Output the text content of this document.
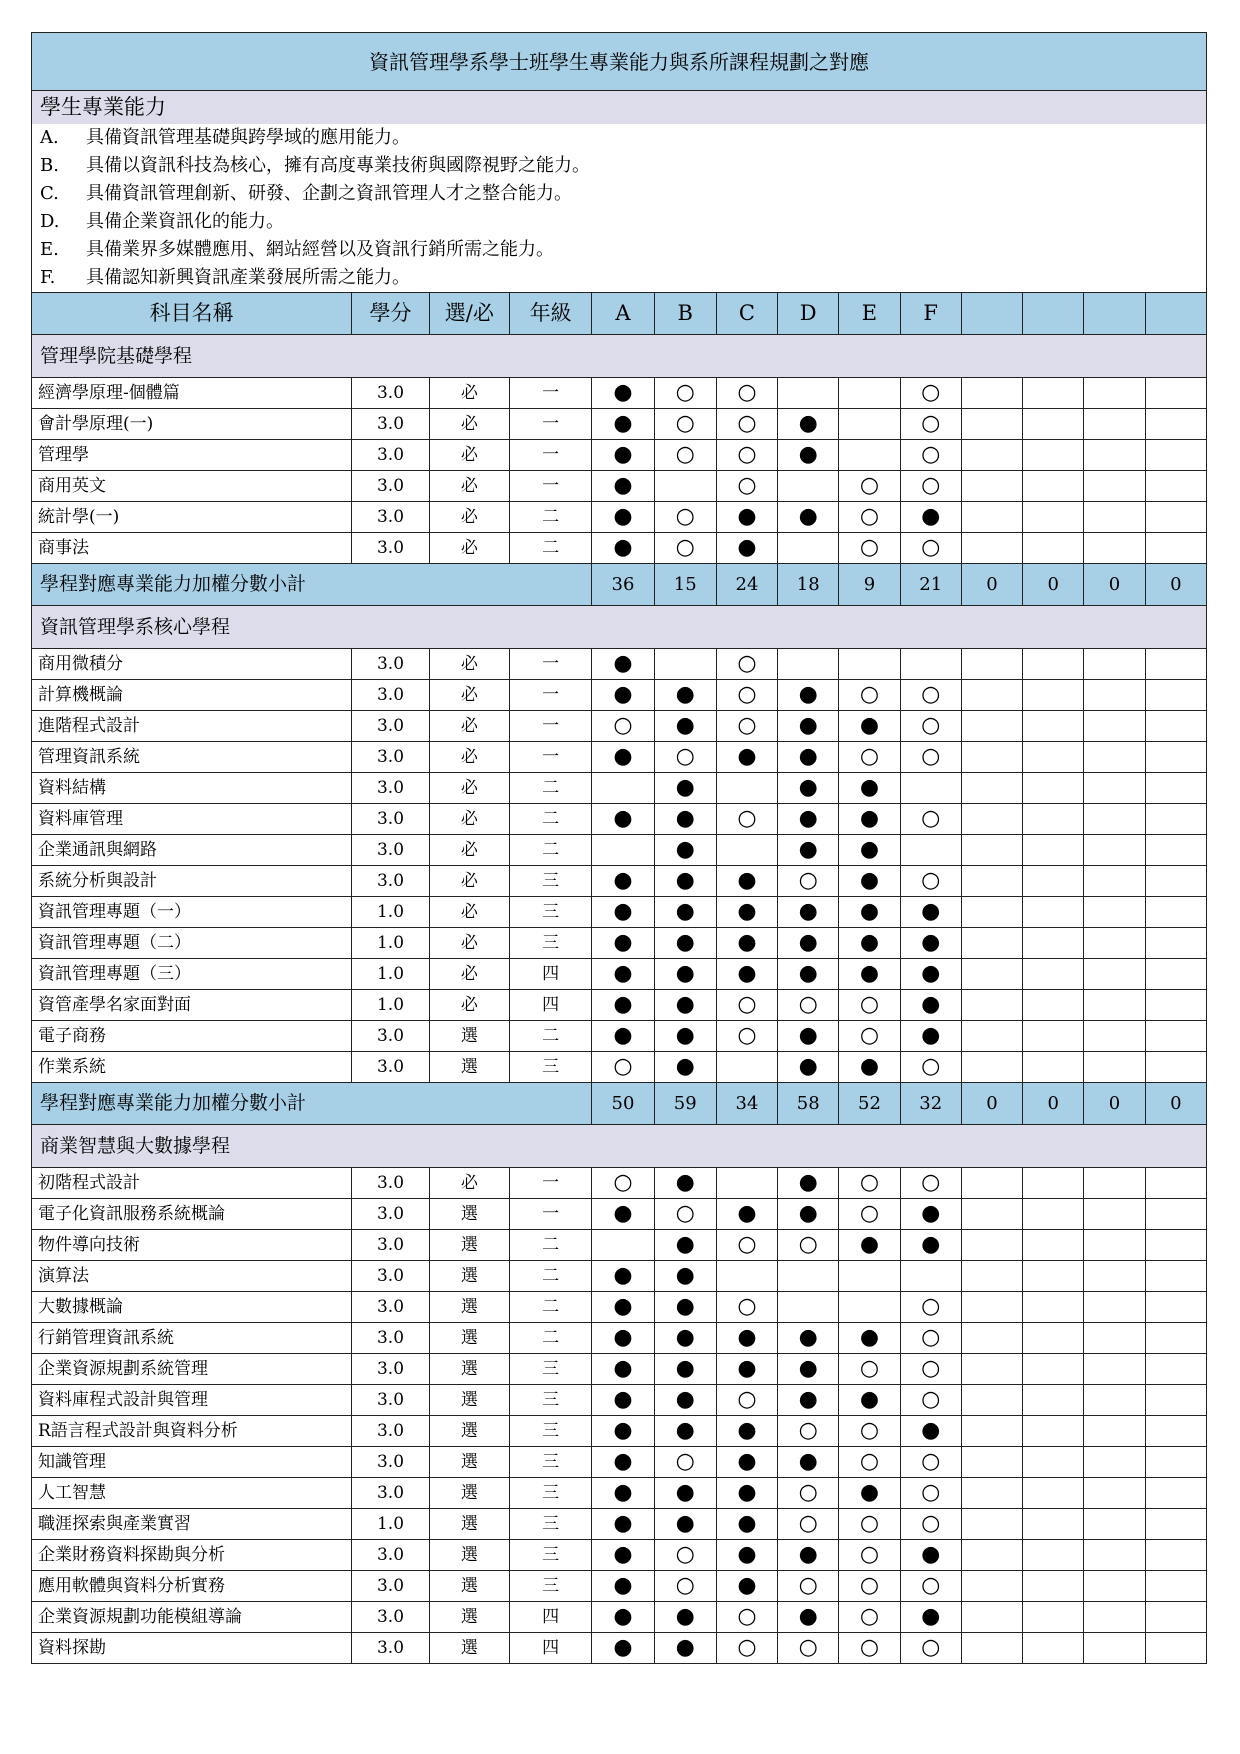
資訊管理學系學士班學生專業能力與系所課程規劃之對應													
學生專業能力													
A. 具備資訊管理基礎與跨學域的應用能力。													
B. 具備以資訊科技為核心，擁有高度專業技術與國際視野之能力。													
C. 具備資訊管理創新、研發、企劃之資訊管理人才之整合能力。													
D. 具備企業資訊化的能力。													
E. 具備業界多媒體應用、網站經營以及資訊行銷所需之能力。													
F. 具備認知新興資訊產業發展所需之能力。													
科目名稱	學分	選/必	年級	A	B	C	D	E	F				
管理學院基礎學程													
經濟學原理-個體篇	3.0	必	一	●	○	○			○				
會計學原理(一)	3.0	必	一	●	○	○	●		○				
管理學	3.0	必	一	●	○	○	●		○				
商用英文	3.0	必	一	●		○		○	○				
統計學(一)	3.0	必	二	●	○	●	●	○	●				
商事法	3.0	必	二	●	○	●		○	○				
學程對應專業能力加權分數小計				36	15	24	18	9	21	0	0	0	0
資訊管理學系核心學程													
商用微積分	3.0	必	一	●		○							
計算機概論	3.0	必	一	●	●	○	●	○	○				
進階程式設計	3.0	必	一	○	●	○	●	●	○				
管理資訊系統	3.0	必	一	●	○	●	●	○	○				
資料結構	3.0	必	二		●		●	●					
資料庫管理	3.0	必	二	●	●	○	●	●	○				
企業通訊與網路	3.0	必	二		●		●	●					
系統分析與設計	3.0	必	三	●	●	●	○	●	○				
資訊管理專題（一）	1.0	必	三	●	●	●	●	●	●				
資訊管理專題（二）	1.0	必	三	●	●	●	●	●	●				
資訊管理專題（三）	1.0	必	四	●	●	●	●	●	●				
資管產學名家面對面	1.0	必	四	●	●	○	○	○	●				
電子商務	3.0	選	二	●	●	○	●	○	●				
作業系統	3.0	選	三	○	●		●	●	○				
學程對應專業能力加權分數小計				50	59	34	58	52	32	0	0	0	0
商業智慧與大數據學程													
初階程式設計	3.0	必	一	○	●		●	○	○				
電子化資訊服務系統概論	3.0	選	一	●	○	●	●	○	●				
物件導向技術	3.0	選	二		●	○	○	●	●				
演算法	3.0	選	二	●	●								
大數據概論	3.0	選	二	●	●	○			○				
行銷管理資訊系統	3.0	選	二	●	●	●	●	●	○				
企業資源規劃系統管理	3.0	選	三	●	●	●	●	○	○				
資料庫程式設計與管理	3.0	選	三	●	●	○	●	●	○				
R語言程式設計與資料分析	3.0	選	三	●	●	●	○	○	●				
知識管理	3.0	選	三	●	○	●	●	○	○				
人工智慧	3.0	選	三	●	●	●	○	●	○				
職涯探索與產業實習	1.0	選	三	●	●	●	○	○	○				
企業財務資料探勘與分析	3.0	選	三	●	○	●	●	○	●				
應用軟體與資料分析實務	3.0	選	三	●	○	●	○	○	○				
企業資源規劃功能模組導論	3.0	選	四	●	●	○	●	○	●				
資料探勘	3.0	選	四	●	●	○	○	○	○				
